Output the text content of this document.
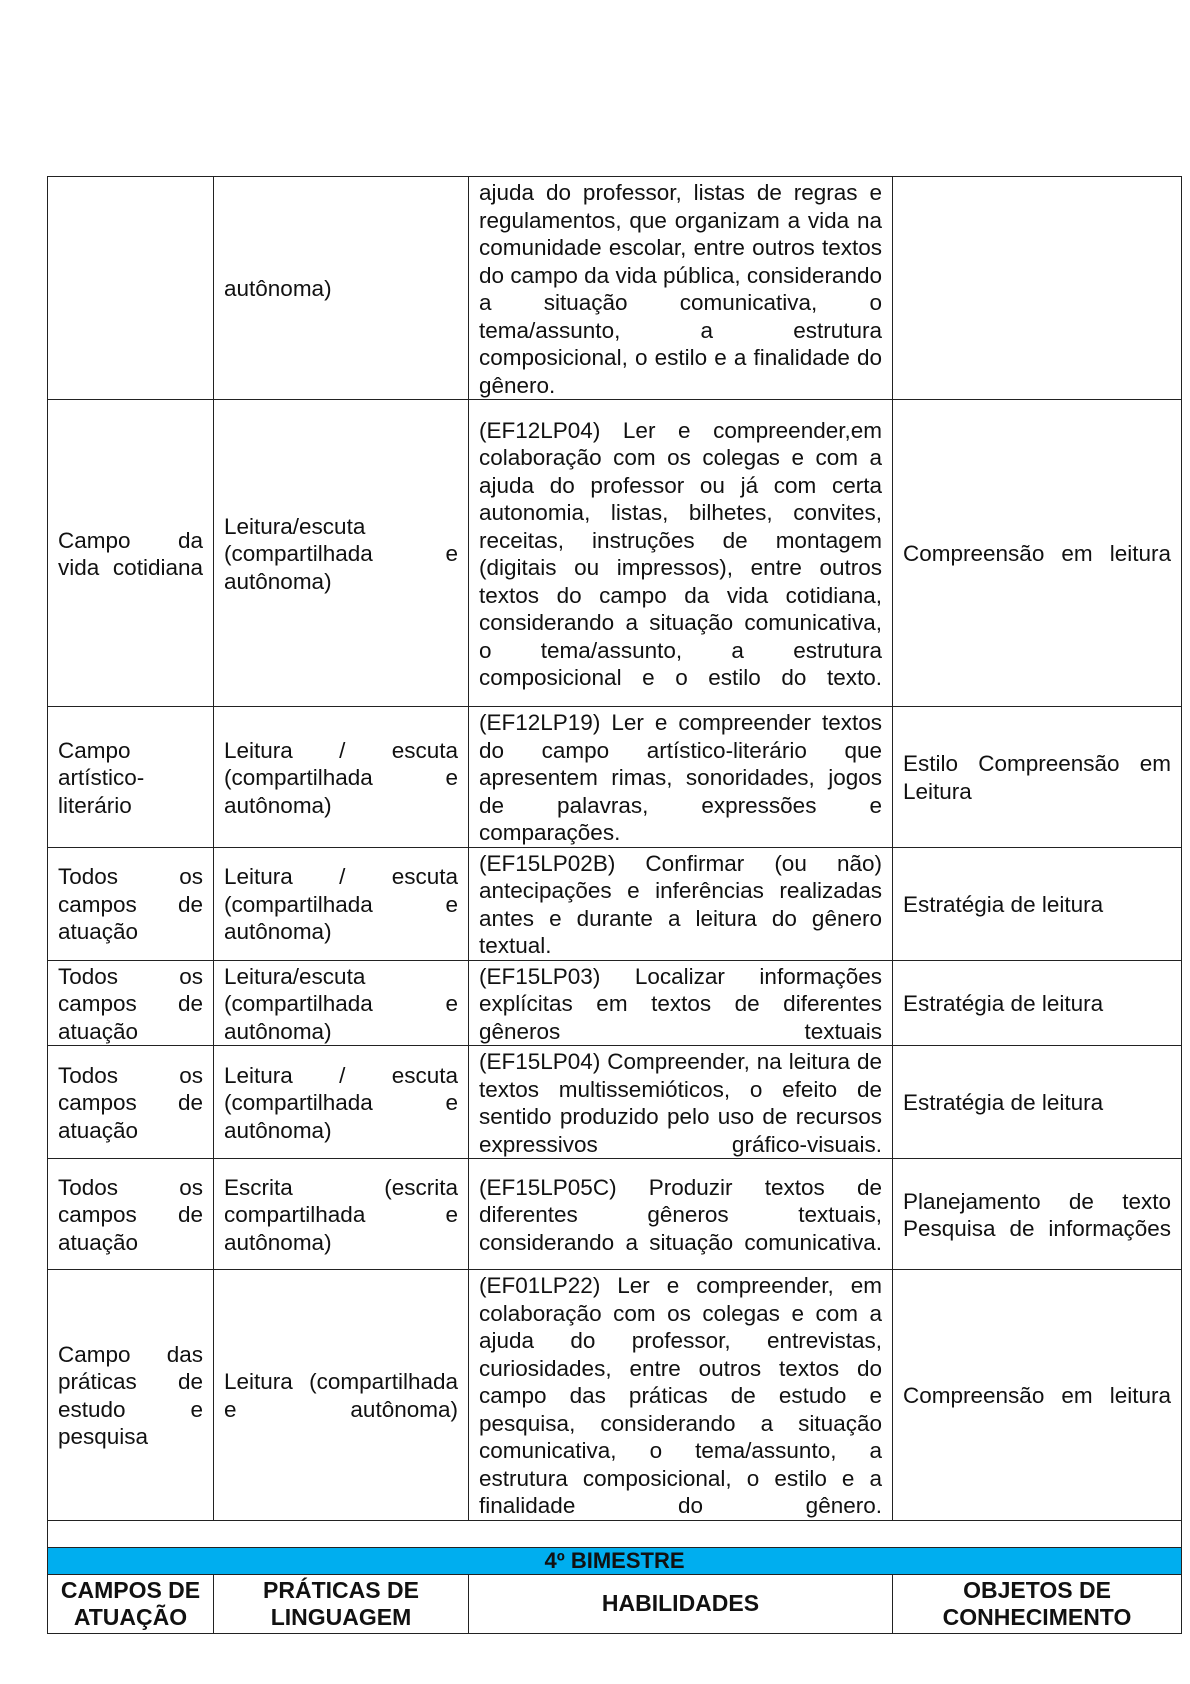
	autônoma)	ajuda do professor, listas de regras e regulamentos, que organizam a vida na comunidade escolar, entre outros textos do campo da vida pública, considerando a situação comunicativa, o tema/assunto, a estrutura composicional, o estilo e a finalidade do gênero.	
Campo da vida cotidiana	Leitura/escuta (compartilhada e autônoma)	(EF12LP04) Ler e compreender,em colaboração com os colegas e com a ajuda do professor ou já com certa autonomia, listas, bilhetes, convites, receitas, instruções de montagem (digitais ou impressos), entre outros textos do campo da vida cotidiana, considerando a situação comunicativa, o tema/assunto, a estrutura composicional e o estilo do texto.	Compreensão em leitura
Campo artístico-literário	Leitura / escuta (compartilhada e autônoma)	(EF12LP19) Ler e compreender textos do campo artístico-literário que apresentem rimas, sonoridades, jogos de palavras, expressões e comparações.	Estilo Compreensão em Leitura
Todos os campos de atuação	Leitura / escuta (compartilhada e autônoma)	(EF15LP02B) Confirmar (ou não) antecipações e inferências realizadas antes e durante a leitura do gênero textual.	Estratégia de leitura
Todos os campos de atuação	Leitura/escuta (compartilhada e autônoma)	(EF15LP03) Localizar informações explícitas em textos de diferentes gêneros textuais	Estratégia de leitura
Todos os campos de atuação	Leitura / escuta (compartilhada e autônoma)	(EF15LP04) Compreender, na leitura de textos multissemióticos, o efeito de sentido produzido pelo uso de recursos expressivos gráfico-visuais.	Estratégia de leitura
Todos os campos de atuação	Escrita (escrita compartilhada e autônoma)	(EF15LP05C) Produzir textos de diferentes gêneros textuais, considerando a situação comunicativa.	Planejamento de texto Pesquisa de informações
Campo das práticas de estudo e pesquisa	Leitura (compartilhada e autônoma)	(EF01LP22) Ler e compreender, em colaboração com os colegas e com a ajuda do professor, entrevistas, curiosidades, entre outros textos do campo das práticas de estudo e pesquisa, considerando a situação comunicativa, o tema/assunto, a estrutura composicional, o estilo e a finalidade do gênero.	Compreensão em leitura

4º BIMESTRE			
CAMPOS DE ATUAÇÃO	PRÁTICAS DE LINGUAGEM	HABILIDADES	OBJETOS DE CONHECIMENTO
